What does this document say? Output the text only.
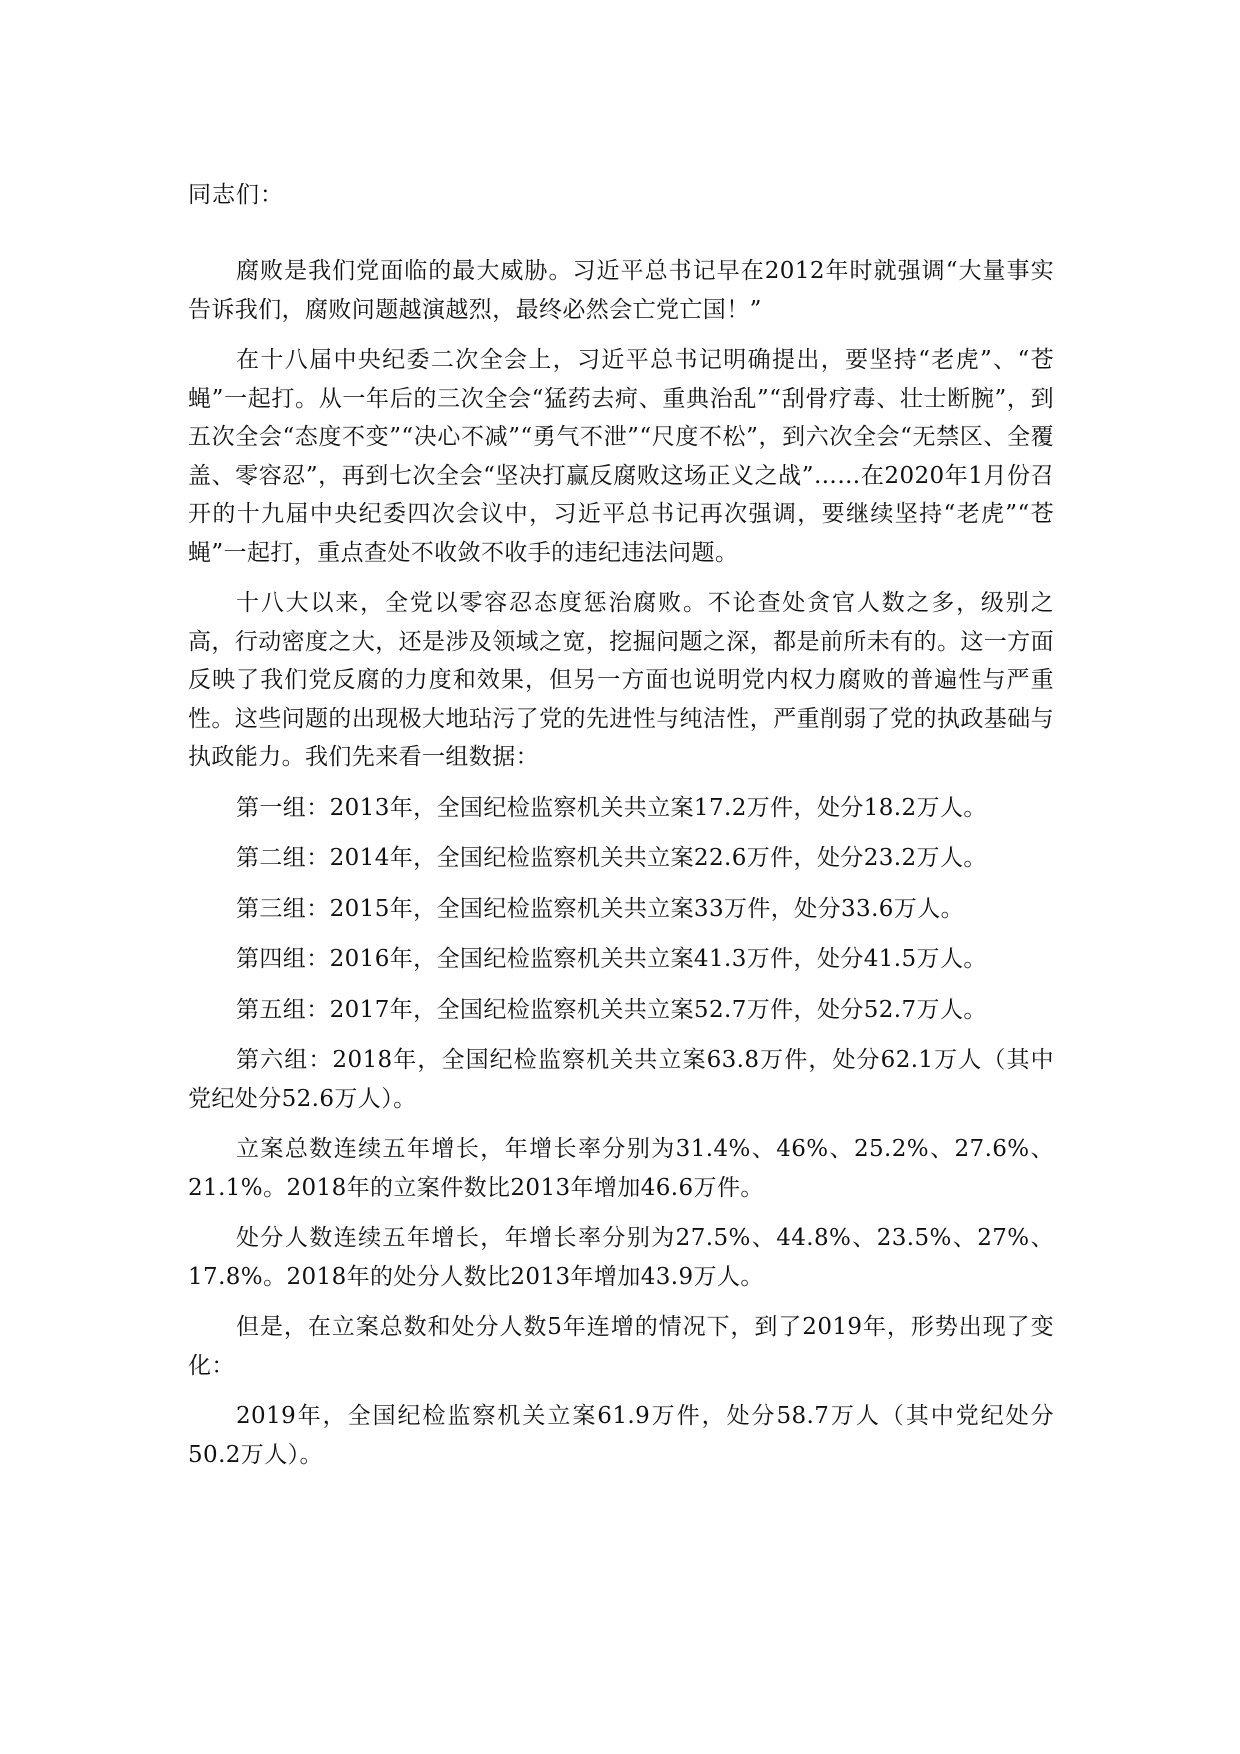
同志们：

腐败是我们党面临的最大威胁。习近平总书记早在2012年时就强调“大量事实告诉我们，腐败问题越演越烈，最终必然会亡党亡国！”

在十八届中央纪委二次全会上，习近平总书记明确提出，要坚持“老虎”、“苍蝇”一起打。从一年后的三次全会“猛药去疴、重典治乱”“刮骨疗毒、壮士断腕”，到五次全会“态度不变”“决心不减”“勇气不泄”“尺度不松”，到六次全会“无禁区、全覆盖、零容忍”，再到七次全会“坚决打赢反腐败这场正义之战”……在2020年1月份召开的十九届中央纪委四次会议中，习近平总书记再次强调，要继续坚持“老虎”“苍蝇”一起打，重点查处不收敛不收手的违纪违法问题。

十八大以来，全党以零容忍态度惩治腐败。不论查处贪官人数之多，级别之高，行动密度之大，还是涉及领域之宽，挖掘问题之深，都是前所未有的。这一方面反映了我们党反腐的力度和效果，但另一方面也说明党内权力腐败的普遍性与严重性。这些问题的出现极大地玷污了党的先进性与纯洁性，严重削弱了党的执政基础与执政能力。我们先来看一组数据：

第一组：2013年，全国纪检监察机关共立案17.2万件，处分18.2万人。

第二组：2014年，全国纪检监察机关共立案22.6万件，处分23.2万人。

第三组：2015年，全国纪检监察机关共立案33万件，处分33.6万人。

第四组：2016年，全国纪检监察机关共立案41.3万件，处分41.5万人。

第五组：2017年，全国纪检监察机关共立案52.7万件，处分52.7万人。

第六组：2018年，全国纪检监察机关共立案63.8万件，处分62.1万人（其中党纪处分52.6万人）。

立案总数连续五年增长，年增长率分别为31.4%、46%、25.2%、27.6%、21.1%。2018年的立案件数比2013年增加46.6万件。

处分人数连续五年增长，年增长率分别为27.5%、44.8%、23.5%、27%、17.8%。2018年的处分人数比2013年增加43.9万人。

但是，在立案总数和处分人数5年连增的情况下，到了2019年，形势出现了变化：

2019年，全国纪检监察机关立案61.9万件，处分58.7万人（其中党纪处分50.2万人）。
